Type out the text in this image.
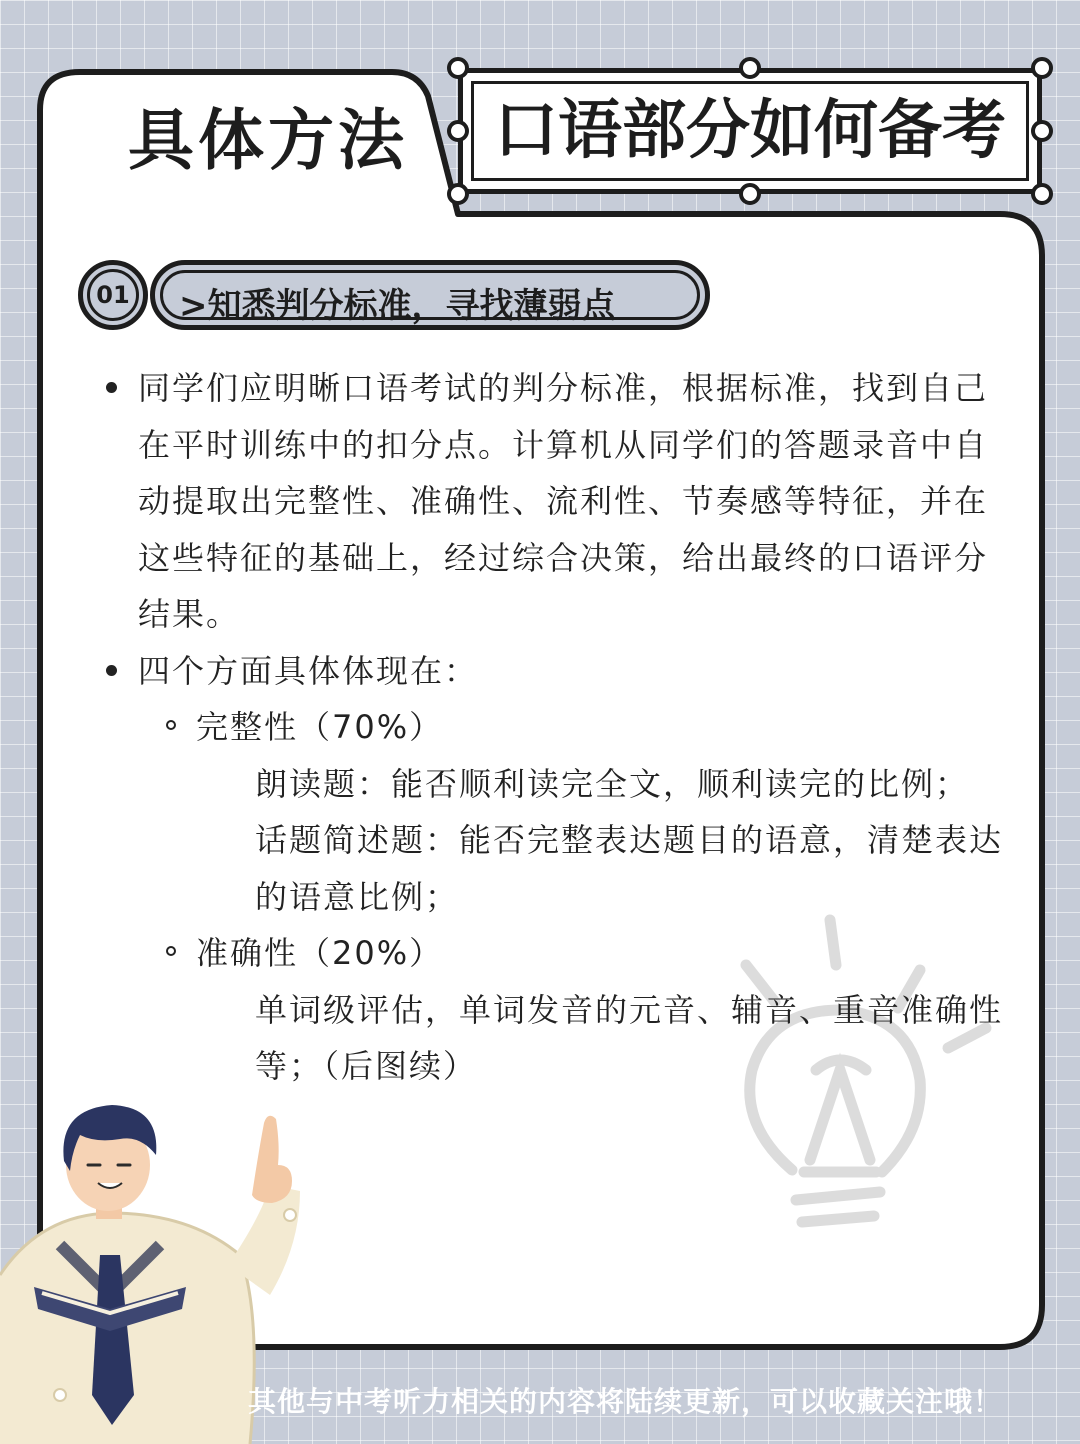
具体方法	口语部分如何备考
01 >知悉判分标准，寻找薄弱点
同学们应明晰口语考试的判分标准，根据标准，找到自己在平时训练中的扣分点。计算机从同学们的答题录音中自动提取出完整性、准确性、流利性、节奏感等特征，并在这些特征的基础上，经过综合决策，给出最终的口语评分结果。
四个方面具体体现在：
完整性（70%）
朗读题：能否顺利读完全文，顺利读完的比例；
话题简述题：能否完整表达题目的语意，清楚表达的语意比例；
准确性（20%）
单词级评估，单词发音的元音、辅音、重音准确性等；（后图续）
其他与中考听力相关的内容将陆续更新，可以收藏关注哦！
